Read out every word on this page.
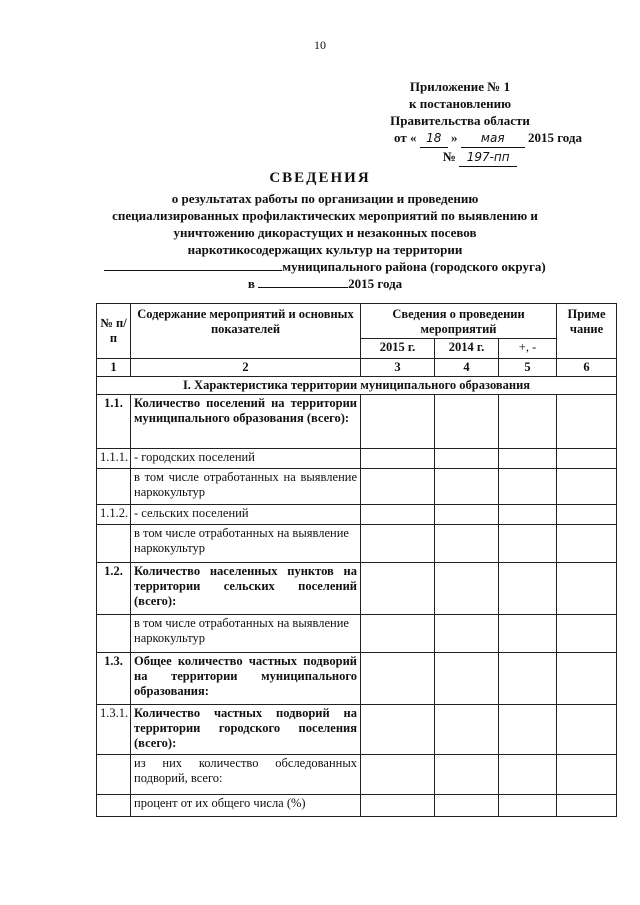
10
Приложение № 1
к постановлению
Правительства области
от « 18 » мая 2015 года
№ 197-пп
СВЕДЕНИЯ
о результатах работы по организации и проведению
специализированных профилактических мероприятий по выявлению и
уничтожению дикорастущих и незаконных посевов
наркотикосодержащих культур на территории
муниципального района (городского округа)
в	2015 года
№ п/п	Содержание мероприятий и основных показателей	Сведения о проведении мероприятий			Приме чание
		2015 г.	2014 г.	+, -	
1	2	3	4	5	6
I. Характеристика территории муниципального образования					
1.1.	Количество поселений на территории муниципального образования (всего):				
1.1.1.	- городских поселений				
	в том числе отработанных на выявление наркокультур				
1.1.2.	- сельских поселений				
	в том числе отработанных на выявление наркокультур				
1.2.	Количество населенных пунктов на территории сельских поселений (всего):				
	в том числе отработанных на выявление наркокультур				
1.3.	Общее количество частных подворий на территории муниципального образования:				
1.3.1.	Количество частных подворий на территории городского поселения (всего):				
	из них количество обследованных подворий, всего:				
	процент от их общего числа (%)				
